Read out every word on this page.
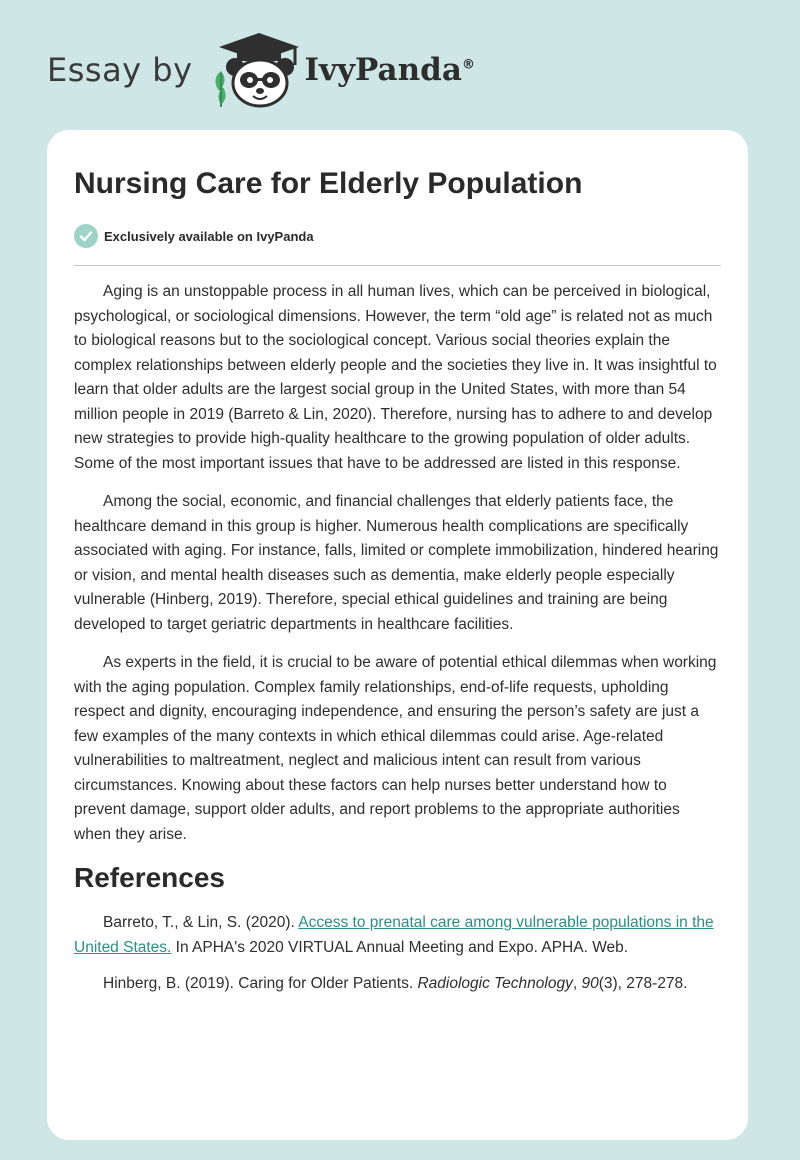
Essay by	IvyPanda®
Nursing Care for Elderly Population
Exclusively available on IvyPanda

Aging is an unstoppable process in all human lives, which can be perceived in biological, psychological, or sociological dimensions. However, the term “old age” is related not as much to biological reasons but to the sociological concept. Various social theories explain the complex relationships between elderly people and the societies they live in. It was insightful to learn that older adults are the largest social group in the United States, with more than 54 million people in 2019 (Barreto & Lin, 2020). Therefore, nursing has to adhere to and develop new strategies to provide high-quality healthcare to the growing population of older adults. Some of the most important issues that have to be addressed are listed in this response.

Among the social, economic, and financial challenges that elderly patients face, the healthcare demand in this group is higher. Numerous health complications are specifically associated with aging. For instance, falls, limited or complete immobilization, hindered hearing or vision, and mental health diseases such as dementia, make elderly people especially vulnerable (Hinberg, 2019). Therefore, special ethical guidelines and training are being developed to target geriatric departments in healthcare facilities.

As experts in the field, it is crucial to be aware of potential ethical dilemmas when working with the aging population. Complex family relationships, end-of-life requests, upholding respect and dignity, encouraging independence, and ensuring the person’s safety are just a few examples of the many contexts in which ethical dilemmas could arise. Age-related vulnerabilities to maltreatment, neglect and malicious intent can result from various circumstances. Knowing about these factors can help nurses better understand how to prevent damage, support older adults, and report problems to the appropriate authorities when they arise.

References

Barreto, T., & Lin, S. (2020). Access to prenatal care among vulnerable populations in the United States. In APHA's 2020 VIRTUAL Annual Meeting and Expo. APHA. Web.

Hinberg, B. (2019). Caring for Older Patients. Radiologic Technology, 90(3), 278-278.
